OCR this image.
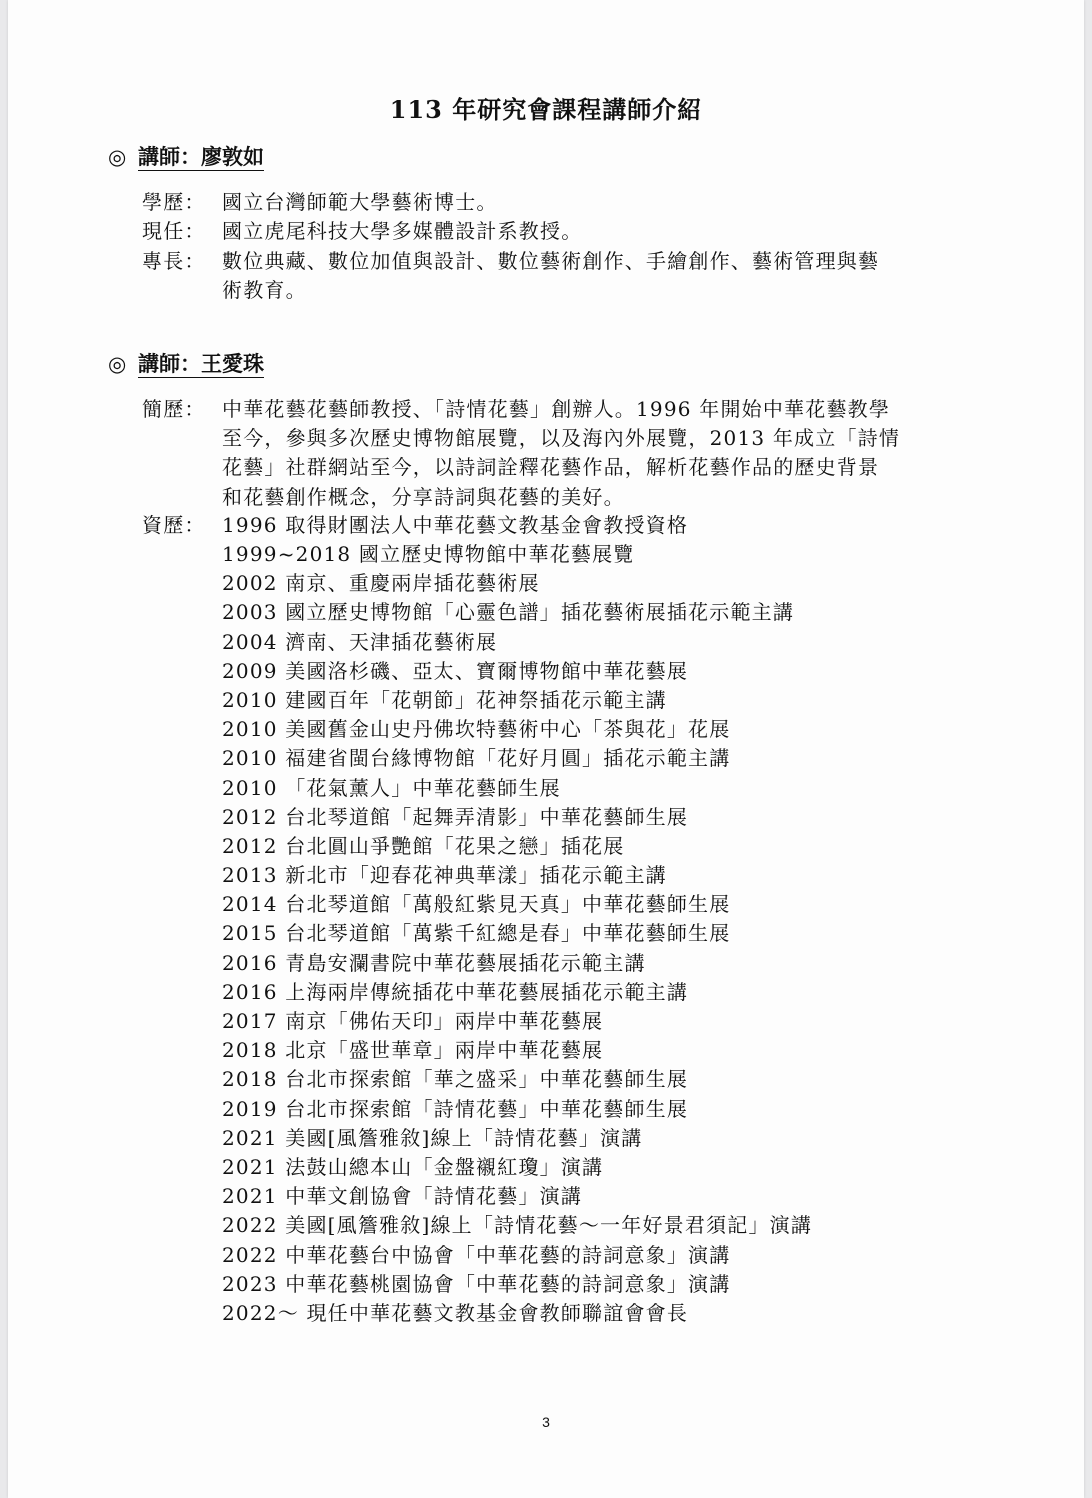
113 年研究會課程講師介紹
◎ 講師：廖敦如
學歷： 國立台灣師範大學藝術博士。
現任： 國立虎尾科技大學多媒體設計系教授。
專長： 數位典藏、數位加值與設計、數位藝術創作、手繪創作、藝術管理與藝
術教育。
◎ 講師：王愛珠
簡歷： 中華花藝花藝師教授、「詩情花藝」創辦人。1996 年開始中華花藝教學
至今，參與多次歷史博物館展覽，以及海內外展覽，2013 年成立「詩情
花藝」社群網站至今，以詩詞詮釋花藝作品，解析花藝作品的歷史背景
和花藝創作概念，分享詩詞與花藝的美好。
資歷： 1996 取得財團法人中華花藝文教基金會教授資格
1999~2018 國立歷史博物館中華花藝展覽
2002 南京、重慶兩岸插花藝術展
2003 國立歷史博物館「心靈色譜」插花藝術展插花示範主講
2004 濟南、天津插花藝術展
2009 美國洛杉磯、亞太、寶爾博物館中華花藝展
2010 建國百年「花朝節」花神祭插花示範主講
2010 美國舊金山史丹佛坎特藝術中心「茶與花」花展
2010 福建省閩台緣博物館「花好月圓」插花示範主講
2010 「花氣薰人」中華花藝師生展
2012 台北琴道館「起舞弄清影」中華花藝師生展
2012 台北圓山爭艷館「花果之戀」插花展
2013 新北市「迎春花神典華漾」插花示範主講
2014 台北琴道館「萬般紅紫見天真」中華花藝師生展
2015 台北琴道館「萬紫千紅總是春」中華花藝師生展
2016 青島安瀾書院中華花藝展插花示範主講
2016 上海兩岸傳統插花中華花藝展插花示範主講
2017 南京「佛佑天印」兩岸中華花藝展
2018 北京「盛世華章」兩岸中華花藝展
2018 台北市探索館「華之盛采」中華花藝師生展
2019 台北市探索館「詩情花藝」中華花藝師生展
2021 美國[風簷雅敘]線上「詩情花藝」演講
2021 法鼓山總本山「金盤襯紅瓊」演講
2021 中華文創協會「詩情花藝」演講
2022 美國[風簷雅敘]線上「詩情花藝～一年好景君須記」演講
2022 中華花藝台中協會「中華花藝的詩詞意象」演講
2023 中華花藝桃園協會「中華花藝的詩詞意象」演講
2022～ 現任中華花藝文教基金會教師聯誼會會長
3
